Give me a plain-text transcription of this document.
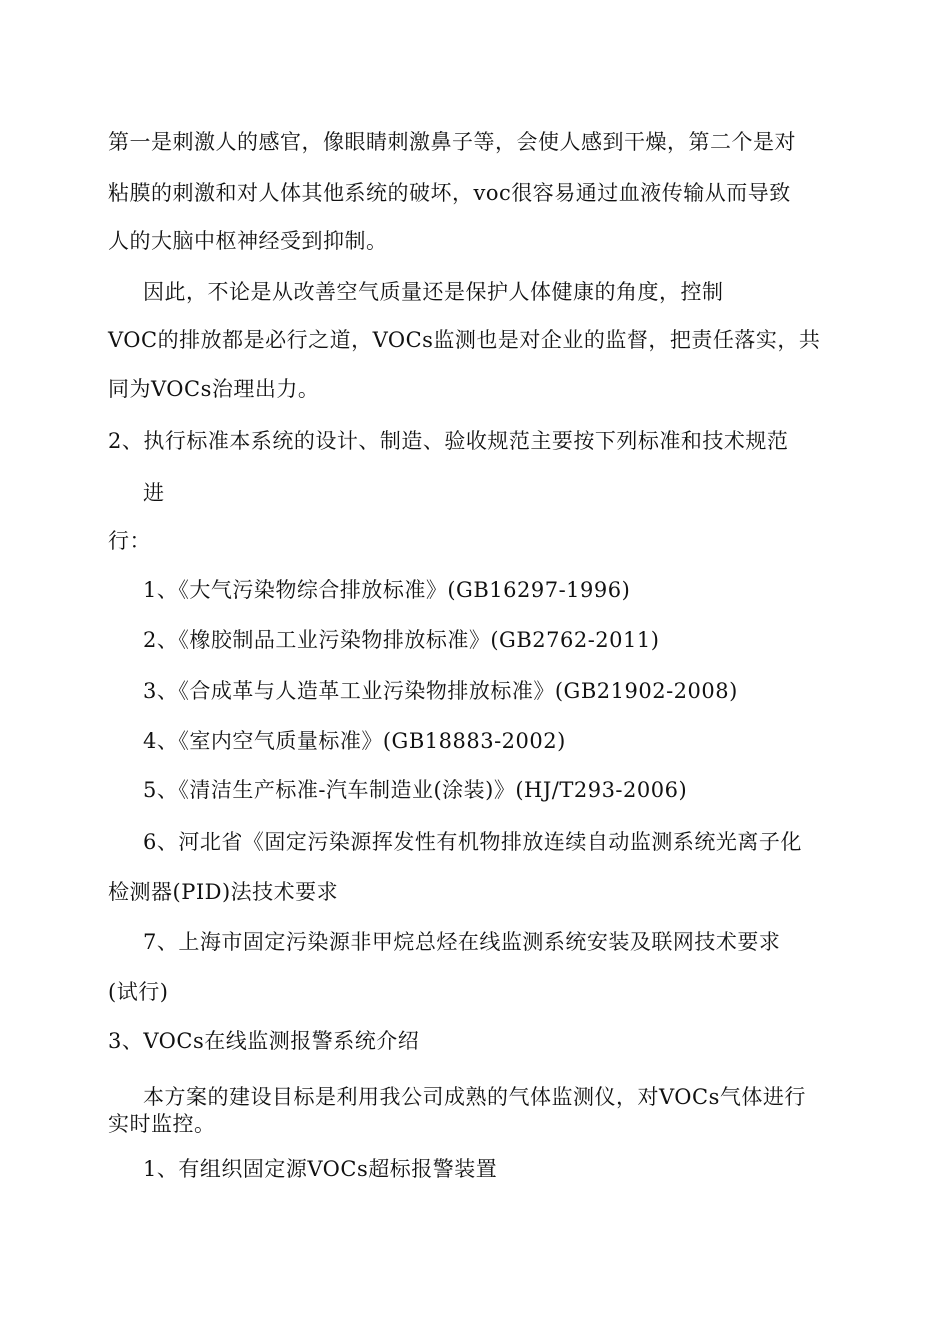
第一是刺激人的感官，像眼睛刺激鼻子等，会使人感到干燥，第二个是对
粘膜的刺激和对人体其他系统的破坏，voc很容易通过血液传输从而导致
人的大脑中枢神经受到抑制。
因此，不论是从改善空气质量还是保护人体健康的角度，控制
VOC的排放都是必行之道，VOCs监测也是对企业的监督，把责任落实，共
同为VOCs治理出力。
2、执行标准本系统的设计、制造、验收规范主要按下列标准和技术规范
进
行：
1、《大气污染物综合排放标准》(GB16297-1996)
2、《橡胶制品工业污染物排放标准》(GB2762-2011)
3、《合成革与人造革工业污染物排放标准》(GB21902-2008)
4、《室内空气质量标准》(GB18883-2002)
5、《清洁生产标准-汽车制造业(涂装)》(HJ/T293-2006)
6、河北省《固定污染源挥发性有机物排放连续自动监测系统光离子化
检测器(PID)法技术要求
7、上海市固定污染源非甲烷总烃在线监测系统安装及联网技术要求
(试行)
3、VOCs在线监测报警系统介绍
本方案的建设目标是利用我公司成熟的气体监测仪，对VOCs气体进行
实时监控。
1、有组织固定源VOCs超标报警装置
